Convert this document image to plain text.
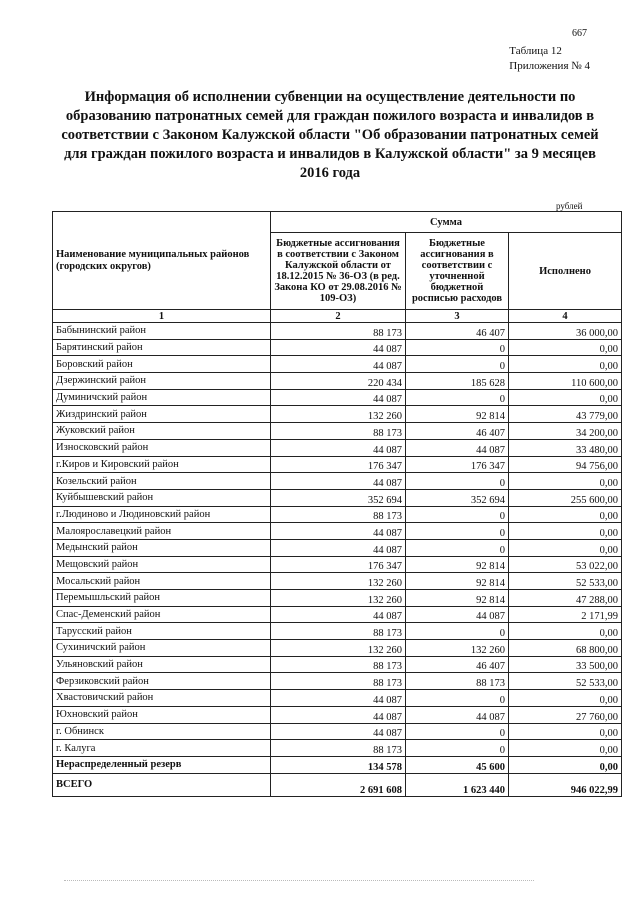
667
Таблица 12
Приложения № 4
Информация об исполнении субвенции на осуществление деятельности по образованию патронатных семей для граждан пожилого возраста и инвалидов в соответствии с Законом Калужской области "Об образовании патронатных семей для граждан пожилого возраста и инвалидов в Калужской области" за 9 месяцев 2016 года
рублей
Наименование муниципальных районов (городских округов)	Сумма		
	Бюджетные ассигнования в соответствии с Законом Калужской области от 18.12.2015 № 36-ОЗ (в ред. Закона КО от 29.08.2016 № 109-ОЗ)	Бюджетные ассигнования в соответствии с уточненной бюджетной росписью расходов	Исполнено
1	2	3	4
Бабынинский район	88 173	46 407	36 000,00
Барятинский район	44 087	0	0,00
Боровский район	44 087	0	0,00
Дзержинский район	220 434	185 628	110 600,00
Думиничский район	44 087	0	0,00
Жиздринский район	132 260	92 814	43 779,00
Жуковский район	88 173	46 407	34 200,00
Износковский район	44 087	44 087	33 480,00
г.Киров и Кировский район	176 347	176 347	94 756,00
Козельский район	44 087	0	0,00
Куйбышевский район	352 694	352 694	255 600,00
г.Людиново и Людиновский район	88 173	0	0,00
Малоярославецкий район	44 087	0	0,00
Медынский район	44 087	0	0,00
Мещовский район	176 347	92 814	53 022,00
Мосальский район	132 260	92 814	52 533,00
Перемышльский район	132 260	92 814	47 288,00
Спас-Деменский район	44 087	44 087	2 171,99
Тарусский район	88 173	0	0,00
Сухиничский район	132 260	132 260	68 800,00
Ульяновский район	88 173	46 407	33 500,00
Ферзиковский район	88 173	88 173	52 533,00
Хвастовичский район	44 087	0	0,00
Юхновский район	44 087	44 087	27 760,00
г. Обнинск	44 087	0	0,00
г. Калуга	88 173	0	0,00
Нераспределенный резерв	134 578	45 600	0,00
ВСЕГО	2 691 608	1 623 440	946 022,99
